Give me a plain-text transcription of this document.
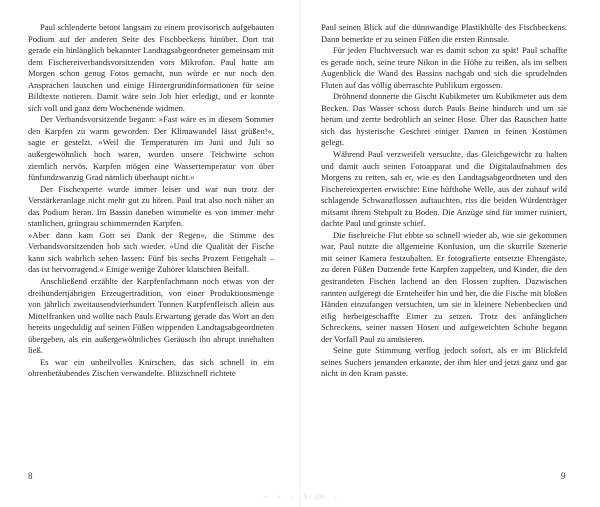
Paul schlenderte betont langsam zu einem provisorisch aufgebauten Podium auf der anderen Seite des Fischbeckens hinüber. Dort trat gerade ein hinlänglich bekannter Landtagsabgeordneter gemeinsam mit dem Fischereiverbandsvorsitzenden vors Mikrofon. Paul hatte am Morgen schon genug Fotos gemacht, nun würde er nur noch den Ansprachen lauschen und einige Hintergrundinformationen für seine Bildtexte notieren. Damit wäre sein Job hier erledigt, und er konnte sich voll und ganz dem Wochenende widmen.

Der Verbandsvorsitzende begann: »Fast wäre es in diesem Sommer den Karpfen zu warm geworden. Der Klimawandel lässt grüßen!«, sagte er gestelzt. »Weil die Temperaturen im Juni und Juli so außergewöhnlich hoch waren, wurden unsere Teichwirte schon ziemlich nervös. Karpfen mögen eine Wassertemperatur von über fünfundzwanzig Grad nämlich überhaupt nicht.«

Der Fischexperte wurde immer leiser und war nun trotz der Verstärkeranlage nicht mehr gut zu hören. Paul trat also noch näher an das Podium heran. Im Bassin daneben wimmelte es von immer mehr stattlichen, grüngrau schimmernden Karpfen.

»Aber dann kam Gott sei Dank der Regen«, die Stimme des Verbandsvorsitzenden hob sich wieder. »Und die Qualität der Fische kann sich wahrlich sehen lassen: Fünf bis sechs Prozent Fettgehalt – das ist hervorragend.« Einige wenige Zuhörer klatschten Beifall.

Anschließend erzählte der Karpfenfachmann noch etwas von der dreihundertjährigen Erzeugertradition, von einer Produktionsmenge von jährlich zweitausendvierhundert Tonnen Karpfenfleisch allein aus Mittelfranken und wollte nach Pauls Erwartung gerade das Wort an den bereits ungeduldig auf seinen Füßen wippenden Landtagsabgeordneten übergeben, als ein außergewöhnliches Geräusch ihn abrupt innehalten ließ.

Es war ein unheilvolles Knirschen, das sich schnell in ein ohrenbetäubendes Zischen verwandelte. Blitzschnell richtete

Paul seinen Blick auf die dünnwandige Plastikhülle des Fischbeckens. Dann bemerkte er zu seinen Füßen die ersten Rinnsale.

Für jeden Fluchtversuch war es damit schon zu spät! Paul schaffte es gerade noch, seine teure Nikon in die Höhe zu reißen, als im selben Augenblick die Wand des Bassins nachgab und sich die sprudelnden Fluten auf das völlig überraschte Publikum ergossen.

Dröhnend donnerte die Gischt Kubikmeter um Kubikmeter aus dem Becken. Das Wasser schoss durch Pauls Beine hindurch und um sie herum und zerrte bedrohlich an seiner Hose. Über das Rauschen hatte sich das hysterische Geschrei einiger Damen in feinen Kostümen gelegt.

Während Paul verzweifelt versuchte, das Gleichgewicht zu halten und damit auch seinen Fotoapparat und die Digitalaufnahmen des Morgens zu retten, sah er, wie es den Landtagsabgeordneten und den Fischereiexperten erwischte: Eine hüfthohe Welle, aus der zuhauf wild schlagende Schwanzflossen auftauchten, riss die beiden Würdenträger mitsamt ihrem Stehpult zu Boden. Die Anzüge sind für immer ruiniert, dachte Paul und grinste schief.

Die fischreiche Flut ebbte so schnell wieder ab, wie sie gekommen war. Paul nutzte die allgemeine Konfusion, um die skurrile Szenerie mit seiner Kamera festzuhalten. Er fotografierte entsetzte Ehrengäste, zu deren Füßen Dutzende fette Karpfen zappelten, und Kinder, die den gestrandeten Fischen lachend an den Flossen zupften. Dazwischen rannten aufgeregt die Ernteheifer hin und her, die die Fische mit bloßen Händen einzufangen versuchten, um sie in kleinere Nebenbecken und eilig herbeigeschaffte Eimer zu setzen. Trotz des anfänglichen Schreckens, seiner nassen Hosen und aufgeweichten Schuhe begann der Vorfall Paul zu amüsieren.

Seine gute Stimmung verflog jedoch sofort, als er im Blickfeld seines Suchers jemanden erkannte, der ihm hier und jetzt ganz und gar nicht in den Kram passte.

8	9
− + ‹ 9 / 100 ›
